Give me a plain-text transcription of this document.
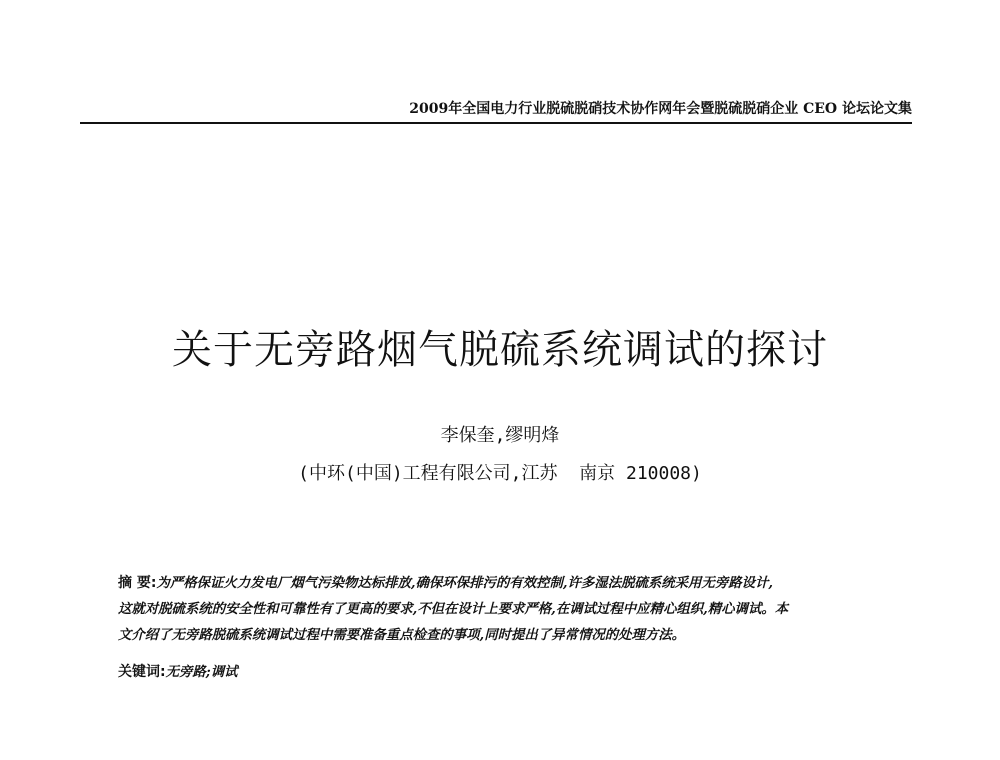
2009年全国电力行业脱硫脱硝技术协作网年会暨脱硫脱硝企业 CEO 论坛论文集
关于无旁路烟气脱硫系统调试的探讨
李保奎,缪明烽
(中环(中国)工程有限公司,江苏  南京 210008)
摘 要:为严格保证火力发电厂烟气污染物达标排放,确保环保排污的有效控制,许多湿法脱硫系统采用无旁路设计,
这就对脱硫系统的安全性和可靠性有了更高的要求,不但在设计上要求严格,在调试过程中应精心组织,精心调试。本
文介绍了无旁路脱硫系统调试过程中需要准备重点检查的事项,同时提出了异常情况的处理方法。
关键词:无旁路;调试
